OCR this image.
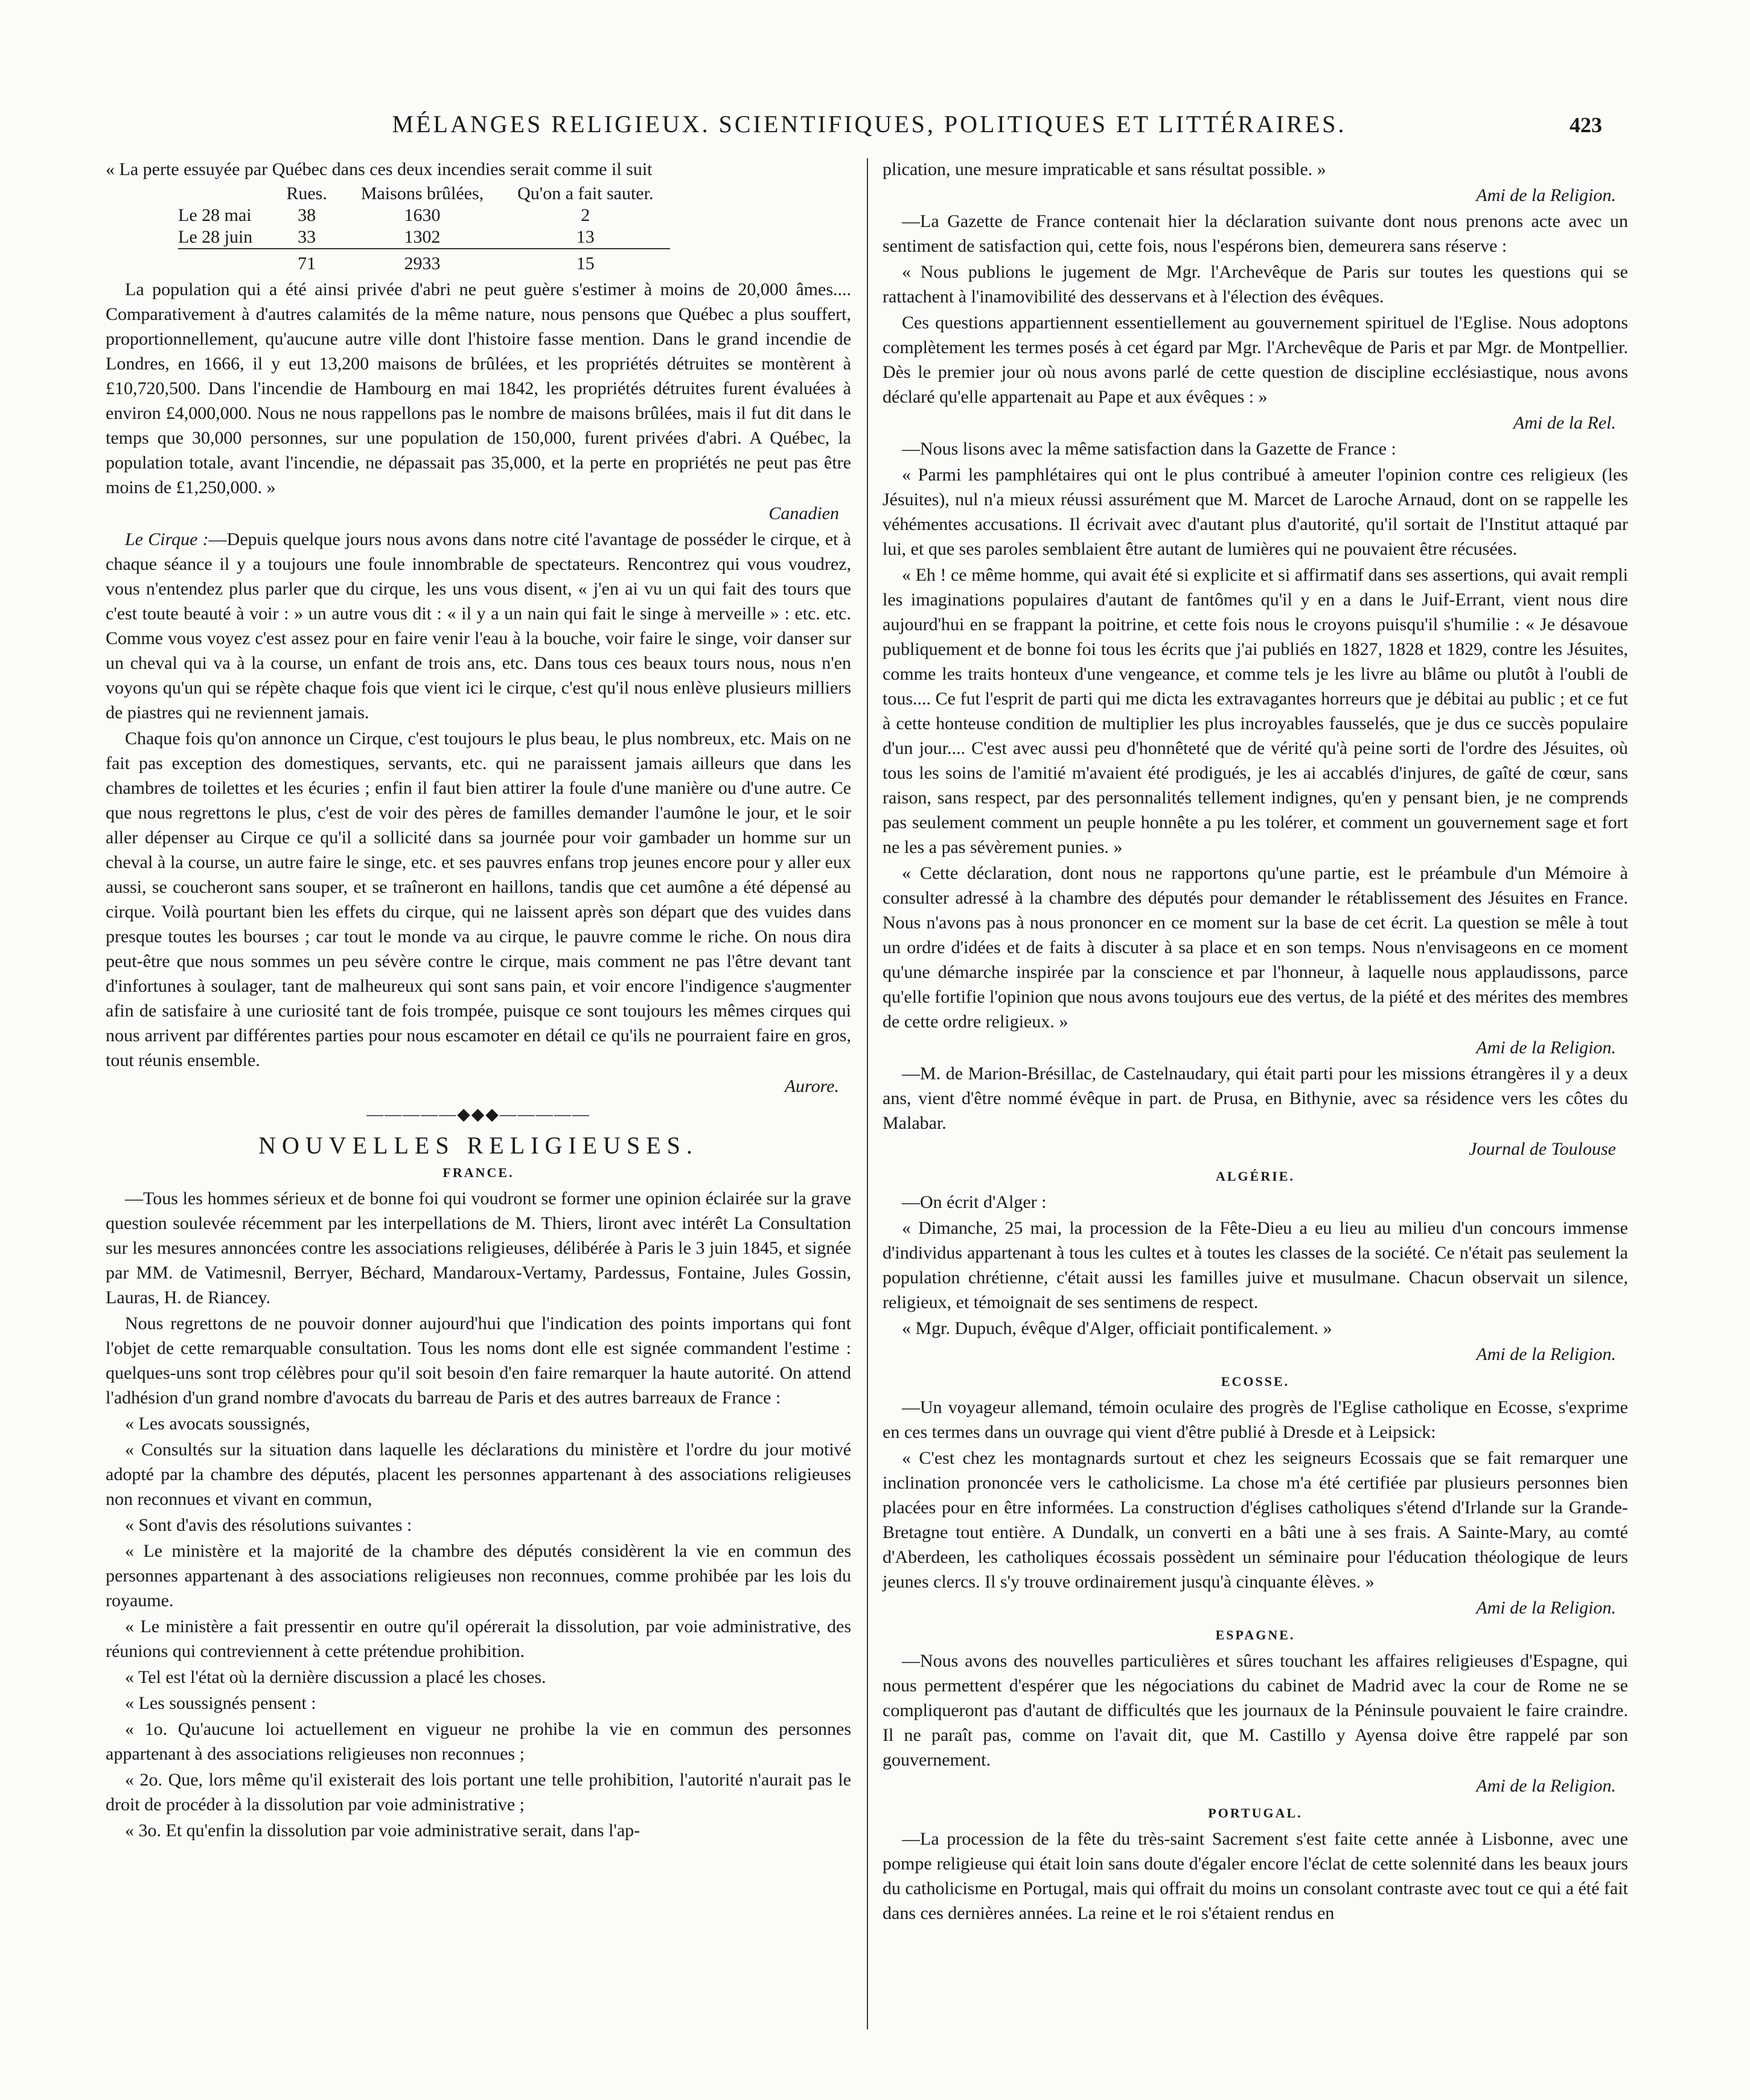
MÉLANGES RELIGIEUX. SCIENTIFIQUES, POLITIQUES ET LITTÉRAIRES.	423

« La perte essuyée par Québec dans ces deux incendies serait comme il suit

	Rues.	Maisons brûlées,	Qu'on a fait sauter.
Le 28 mai	38	1630	2
Le 28 juin	33	1302	13
	71	2933	15

La population qui a été ainsi privée d'abri ne peut guère s'estimer à moins de 20,000 âmes.... Comparativement à d'autres calamités de la même nature, nous pensons que Québec a plus souffert, proportionnellement, qu'aucune autre ville dont l'histoire fasse mention. Dans le grand incendie de Londres, en 1666, il y eut 13,200 maisons de brûlées, et les propriétés détruites se montèrent à £10,720,500. Dans l'incendie de Hambourg en mai 1842, les propriétés détruites furent évaluées à environ £4,000,000. Nous ne nous rappellons pas le nombre de maisons brûlées, mais il fut dit dans le temps que 30,000 personnes, sur une population de 150,000, furent privées d'abri. A Québec, la population totale, avant l'incendie, ne dépassait pas 35,000, et la perte en propriétés ne peut pas être moins de £1,250,000. »

Canadien

Le Cirque :—Depuis quelque jours nous avons dans notre cité l'avantage de posséder le cirque, et à chaque séance il y a toujours une foule innombrable de spectateurs. Rencontrez qui vous voudrez, vous n'entendez plus parler que du cirque, les uns vous disent, « j'en ai vu un qui fait des tours que c'est toute beauté à voir : » un autre vous dit : « il y a un nain qui fait le singe à merveille » : etc. etc. Comme vous voyez c'est assez pour en faire venir l'eau à la bouche, voir faire le singe, voir danser sur un cheval qui va à la course, un enfant de trois ans, etc. Dans tous ces beaux tours nous, nous n'en voyons qu'un qui se répète chaque fois que vient ici le cirque, c'est qu'il nous enlève plusieurs milliers de piastres qui ne reviennent jamais.

Chaque fois qu'on annonce un Cirque, c'est toujours le plus beau, le plus nombreux, etc. Mais on ne fait pas exception des domestiques, servants, etc. qui ne paraissent jamais ailleurs que dans les chambres de toilettes et les écuries ; enfin il faut bien attirer la foule d'une manière ou d'une autre. Ce que nous regrettons le plus, c'est de voir des pères de familles demander l'aumône le jour, et le soir aller dépenser au Cirque ce qu'il a sollicité dans sa journée pour voir gambader un homme sur un cheval à la course, un autre faire le singe, etc. et ses pauvres enfans trop jeunes encore pour y aller eux aussi, se coucheront sans souper, et se traîneront en haillons, tandis que cet aumône a été dépensé au cirque. Voilà pourtant bien les effets du cirque, qui ne laissent après son départ que des vuides dans presque toutes les bourses ; car tout le monde va au cirque, le pauvre comme le riche. On nous dira peut-être que nous sommes un peu sévère contre le cirque, mais comment ne pas l'être devant tant d'infortunes à soulager, tant de malheureux qui sont sans pain, et voir encore l'indigence s'augmenter afin de satisfaire à une curiosité tant de fois trompée, puisque ce sont toujours les mêmes cirques qui nous arrivent par différentes parties pour nous escamoter en détail ce qu'ils ne pourraient faire en gros, tout réunis ensemble.

Aurore.
—————◆◆◆—————
NOUVELLES RELIGIEUSES.
FRANCE.

—Tous les hommes sérieux et de bonne foi qui voudront se former une opinion éclairée sur la grave question soulevée récemment par les interpellations de M. Thiers, liront avec intérêt La Consultation sur les mesures annoncées contre les associations religieuses, délibérée à Paris le 3 juin 1845, et signée par MM. de Vatimesnil, Berryer, Béchard, Mandaroux-Vertamy, Pardessus, Fontaine, Jules Gossin, Lauras, H. de Riancey.

Nous regrettons de ne pouvoir donner aujourd'hui que l'indication des points importans qui font l'objet de cette remarquable consultation. Tous les noms dont elle est signée commandent l'estime : quelques-uns sont trop célèbres pour qu'il soit besoin d'en faire remarquer la haute autorité. On attend l'adhésion d'un grand nombre d'avocats du barreau de Paris et des autres barreaux de France :

« Les avocats soussignés,

« Consultés sur la situation dans laquelle les déclarations du ministère et l'ordre du jour motivé adopté par la chambre des députés, placent les personnes appartenant à des associations religieuses non reconnues et vivant en commun,

« Sont d'avis des résolutions suivantes :

« Le ministère et la majorité de la chambre des députés considèrent la vie en commun des personnes appartenant à des associations religieuses non reconnues, comme prohibée par les lois du royaume.

« Le ministère a fait pressentir en outre qu'il opérerait la dissolution, par voie administrative, des réunions qui contreviennent à cette prétendue prohibition.

« Tel est l'état où la dernière discussion a placé les choses.

« Les soussignés pensent :

« 1o. Qu'aucune loi actuellement en vigueur ne prohibe la vie en commun des personnes appartenant à des associations religieuses non reconnues ;

« 2o. Que, lors même qu'il existerait des lois portant une telle prohibition, l'autorité n'aurait pas le droit de procéder à la dissolution par voie administrative ;

« 3o. Et qu'enfin la dissolution par voie administrative serait, dans l'ap-

plication, une mesure impraticable et sans résultat possible. »

Ami de la Religion.

—La Gazette de France contenait hier la déclaration suivante dont nous prenons acte avec un sentiment de satisfaction qui, cette fois, nous l'espérons bien, demeurera sans réserve :

« Nous publions le jugement de Mgr. l'Archevêque de Paris sur toutes les questions qui se rattachent à l'inamovibilité des desservans et à l'élection des évêques.

Ces questions appartiennent essentiellement au gouvernement spirituel de l'Eglise. Nous adoptons complètement les termes posés à cet égard par Mgr. l'Archevêque de Paris et par Mgr. de Montpellier. Dès le premier jour où nous avons parlé de cette question de discipline ecclésiastique, nous avons déclaré qu'elle appartenait au Pape et aux évêques : »

Ami de la Rel.

—Nous lisons avec la même satisfaction dans la Gazette de France :

« Parmi les pamphlétaires qui ont le plus contribué à ameuter l'opinion contre ces religieux (les Jésuites), nul n'a mieux réussi assurément que M. Marcet de Laroche Arnaud, dont on se rappelle les véhémentes accusations. Il écrivait avec d'autant plus d'autorité, qu'il sortait de l'Institut attaqué par lui, et que ses paroles semblaient être autant de lumières qui ne pouvaient être récusées.

« Eh ! ce même homme, qui avait été si explicite et si affirmatif dans ses assertions, qui avait rempli les imaginations populaires d'autant de fantômes qu'il y en a dans le Juif-Errant, vient nous dire aujourd'hui en se frappant la poitrine, et cette fois nous le croyons puisqu'il s'humilie : « Je désavoue publiquement et de bonne foi tous les écrits que j'ai publiés en 1827, 1828 et 1829, contre les Jésuites, comme les traits honteux d'une vengeance, et comme tels je les livre au blâme ou plutôt à l'oubli de tous.... Ce fut l'esprit de parti qui me dicta les extravagantes horreurs que je débitai au public ; et ce fut à cette honteuse condition de multiplier les plus incroyables fausselés, que je dus ce succès populaire d'un jour.... C'est avec aussi peu d'honnêteté que de vérité qu'à peine sorti de l'ordre des Jésuites, où tous les soins de l'amitié m'avaient été prodigués, je les ai accablés d'injures, de gaîté de cœur, sans raison, sans respect, par des personnalités tellement indignes, qu'en y pensant bien, je ne comprends pas seulement comment un peuple honnête a pu les tolérer, et comment un gouvernement sage et fort ne les a pas sévèrement punies. »

« Cette déclaration, dont nous ne rapportons qu'une partie, est le préambule d'un Mémoire à consulter adressé à la chambre des députés pour demander le rétablissement des Jésuites en France. Nous n'avons pas à nous prononcer en ce moment sur la base de cet écrit. La question se mêle à tout un ordre d'idées et de faits à discuter à sa place et en son temps. Nous n'envisageons en ce moment qu'une démarche inspirée par la conscience et par l'honneur, à laquelle nous applaudissons, parce qu'elle fortifie l'opinion que nous avons toujours eue des vertus, de la piété et des mérites des membres de cette ordre religieux. »

Ami de la Religion.

—M. de Marion-Brésillac, de Castelnaudary, qui était parti pour les missions étrangères il y a deux ans, vient d'être nommé évêque in part. de Prusa, en Bithynie, avec sa résidence vers les côtes du Malabar.

Journal de Toulouse
ALGÉRIE.

—On écrit d'Alger :

« Dimanche, 25 mai, la procession de la Fête-Dieu a eu lieu au milieu d'un concours immense d'individus appartenant à tous les cultes et à toutes les classes de la société. Ce n'était pas seulement la population chrétienne, c'était aussi les familles juive et musulmane. Chacun observait un silence, religieux, et témoignait de ses sentimens de respect.

« Mgr. Dupuch, évêque d'Alger, officiait pontificalement. »

Ami de la Religion.
ECOSSE.

—Un voyageur allemand, témoin oculaire des progrès de l'Eglise catholique en Ecosse, s'exprime en ces termes dans un ouvrage qui vient d'être publié à Dresde et à Leipsick:

« C'est chez les montagnards surtout et chez les seigneurs Ecossais que se fait remarquer une inclination prononcée vers le catholicisme. La chose m'a été certifiée par plusieurs personnes bien placées pour en être informées. La construction d'églises catholiques s'étend d'Irlande sur la Grande-Bretagne tout entière. A Dundalk, un converti en a bâti une à ses frais. A Sainte-Mary, au comté d'Aberdeen, les catholiques écossais possèdent un séminaire pour l'éducation théologique de leurs jeunes clercs. Il s'y trouve ordinairement jusqu'à cinquante élèves. »

Ami de la Religion.
ESPAGNE.

—Nous avons des nouvelles particulières et sûres touchant les affaires religieuses d'Espagne, qui nous permettent d'espérer que les négociations du cabinet de Madrid avec la cour de Rome ne se compliqueront pas d'autant de difficultés que les journaux de la Péninsule pouvaient le faire craindre. Il ne paraît pas, comme on l'avait dit, que M. Castillo y Ayensa doive être rappelé par son gouvernement.

Ami de la Religion.
PORTUGAL.

—La procession de la fête du très-saint Sacrement s'est faite cette année à Lisbonne, avec une pompe religieuse qui était loin sans doute d'égaler encore l'éclat de cette solennité dans les beaux jours du catholicisme en Portugal, mais qui offrait du moins un consolant contraste avec tout ce qui a été fait dans ces dernières années. La reine et le roi s'étaient rendus en
